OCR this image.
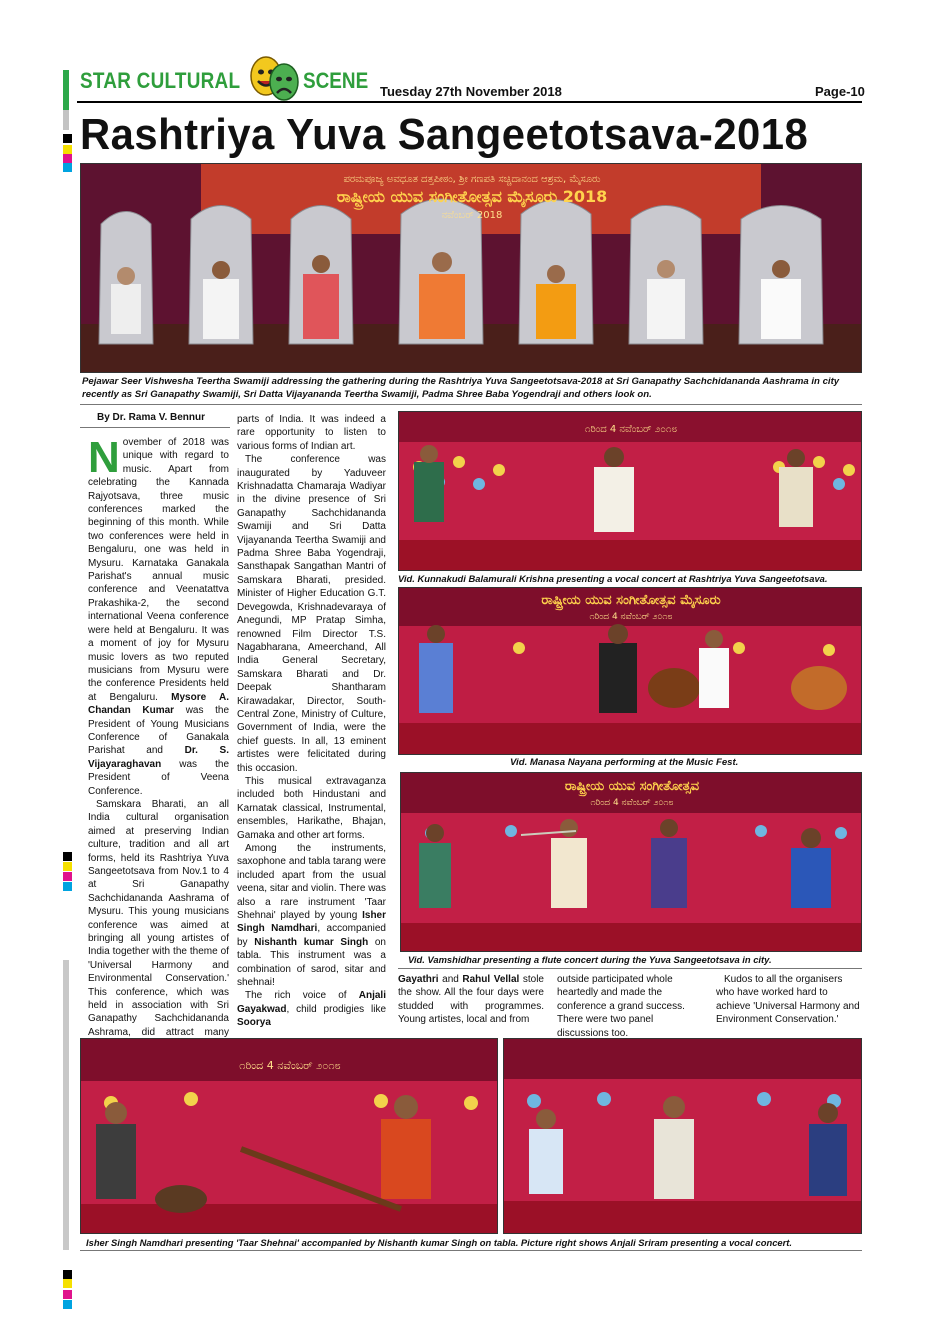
STAR CULTURAL	SCENE Tuesday 27th November 2018	Page-10
Rashtriya Yuva Sangeetotsava-2018
ಪರಮಪೂಜ್ಯ ಅವಧೂತ ದತ್ತಪೀಠಂ, ಶ್ರೀ ಗಣಪತಿ ಸಚ್ಚಿದಾನಂದ ಆಶ್ರಮ, ಮೈಸೂರು
ರಾಷ್ಟ್ರೀಯ ಯುವ ಸಂಗೀತೋತ್ಸವ ಮೈಸೂರು 2018
ನವೆಂಬರ್ 2018
Pejawar Seer Vishwesha Teertha Swamiji addressing the gathering during the Rashtriya Yuva Sangeetotsava-2018 at Sri Ganapathy Sachchidananda Aashrama in city recently as Sri Ganapathy Swamiji, Sri Datta Vijayananda Teertha Swamiji, Padma Shree Baba Yogendraji and others look on.
By Dr. Rama V. Bennur

November of 2018 was unique with regard to music. Apart from celebrating the Kannada Rajyotsava, three music conferences marked the beginning of this month. While two conferences were held in Bengaluru, one was held in Mysuru. Karnataka Ganakala Parishat's annual music conference and Veenatattva Prakashika-2, the second international Veena conference were held at Bengaluru. It was a moment of joy for Mysuru music lovers as two reputed musicians from Mysuru were the conference Presidents held at Bengaluru. Mysore A. Chandan Kumar was the President of Young Musicians Conference of Ganakala Parishat and Dr. S. Vijayaraghavan was the President of Veena Conference.

Samskara Bharati, an all India cultural organisation aimed at preserving Indian culture, tradition and all art forms, held its Rashtriya Yuva Sangeetotsava from Nov.1 to 4 at Sri Ganapathy Sachchidananda Aashrama of Mysuru. This young musicians conference was aimed at bringing all young artistes of India together with the theme of 'Universal Harmony and Environmental Conservation.' This conference, which was held in association with Sri Ganapathy Sachchidananda Ashrama, did attract many

parts of India. It was indeed a rare opportunity to listen to various forms of Indian art.

The conference was inaugurated by Yaduveer Krishnadatta Chamaraja Wadiyar in the divine presence of Sri Ganapathy Sachchidananda Swamiji and Sri Datta Vijayananda Teertha Swamiji and Padma Shree Baba Yogendraji, Sansthapak Sangathan Mantri of Samskara Bharati, presided. Minister of Higher Education G.T. Devegowda, Krishnadevaraya of Anegundi, MP Pratap Simha, renowned Film Director T.S. Nagabharana, Ameerchand, All India General Secretary, Samskara Bharati and Dr. Deepak Shantharam Kirawadakar, Director, South-Central Zone, Ministry of Culture, Government of India, were the chief guests. In all, 13 eminent artistes were felicitated during this occasion.

This musical extravaganza included both Hindustani and Karnatak classical, Instrumental, ensembles, Harikathe, Bhajan, Gamaka and other art forms.

Among the instruments, saxophone and tabla tarang were included apart from the usual veena, sitar and violin. There was also a rare instrument 'Taar Shehnai' played by young Isher Singh Namdhari, accompanied by Nishanth kumar Singh on tabla. This instrument was a combination of sarod, sitar and shehnai!

The rich voice of Anjali Gayakwad, child prodigies like Soorya

೧ರಿಂದ 4 ನವೆಂಬರ್ ೨೦೧೮
Vid. Kunnakudi Balamurali Krishna presenting a vocal concert at Rashtriya Yuva Sangeetotsava.
ರಾಷ್ಟ್ರೀಯ ಯುವ ಸಂಗೀತೋತ್ಸವ ಮೈಸೂರು
೧ರಿಂದ 4 ನವೆಂಬರ್ ೨೦೧೮
Vid. Manasa Nayana performing at the Music Fest.
ರಾಷ್ಟ್ರೀಯ ಯುವ ಸಂಗೀತೋತ್ಸವ
೧ರಿಂದ 4 ನವೆಂಬರ್ ೨೦೧೮
Vid. Vamshidhar presenting a flute concert during the Yuva Sangeetotsava in city.

Gayathri and Rahul Vellal stole the show. All the four days were studded with programmes. Young artistes, local and from

outside participated whole heartedly and made the conference a grand success. There were two panel discussions too.

Kudos to all the organisers who have worked hard to achieve 'Universal Harmony and Environment Conservation.'

೧ರಿಂದ 4 ನವೆಂಬರ್ ೨೦೧೮
Isher Singh Namdhari presenting 'Taar Shehnai' accompanied by Nishanth kumar Singh on tabla. Picture right shows Anjali Sriram presenting a vocal concert.
